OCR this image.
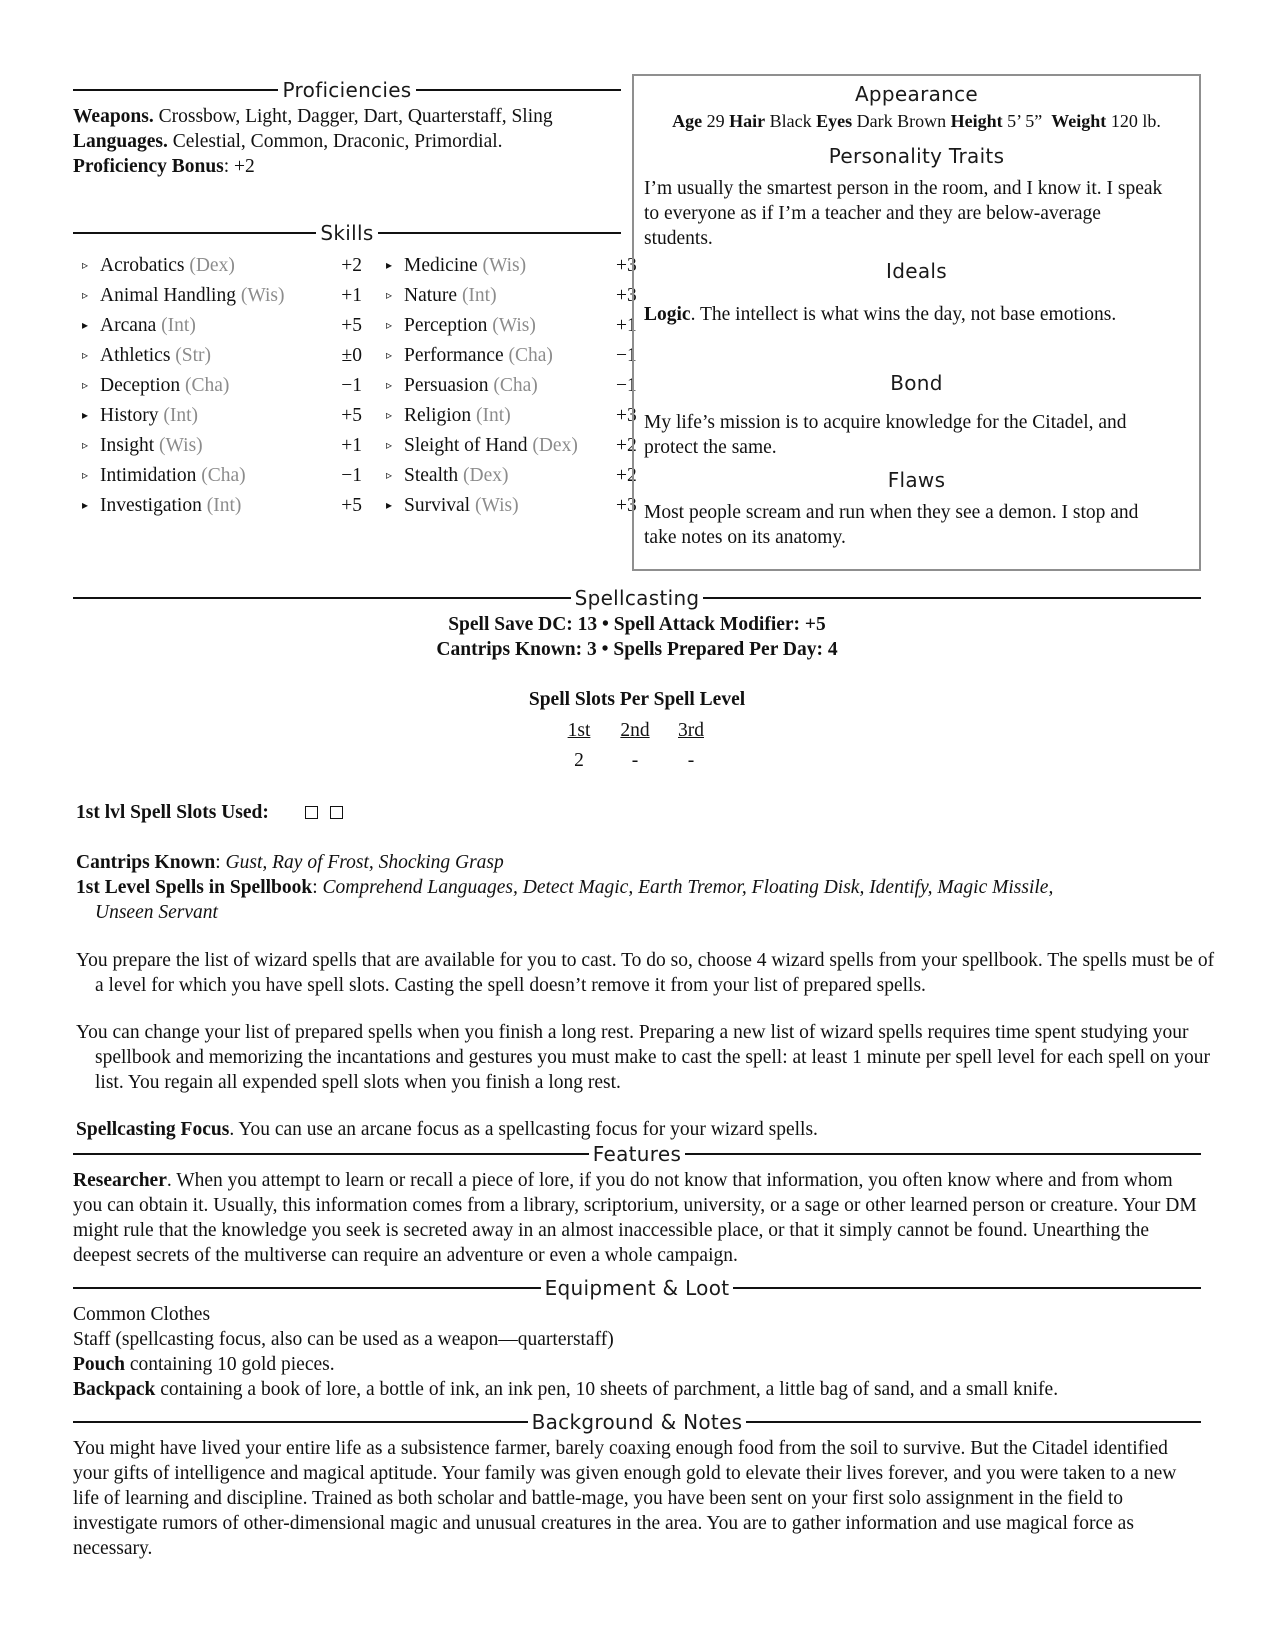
Proficiencies
Weapons. Crossbow, Light, Dagger, Dart, Quarterstaff, Sling
Languages. Celestial, Common, Draconic, Primordial.
Proficiency Bonus: +2
Skills
▹ Acrobatics (Dex)	+2 ▸ Medicine (Wis)	+3
▹ Animal Handling (Wis)	+1 ▹ Nature (Int)	+3
▸ Arcana (Int)	+5 ▹ Perception (Wis)	+1
▹ Athletics (Str)	±0 ▹ Performance (Cha)	−1
▹ Deception (Cha)	−1 ▹ Persuasion (Cha)	−1
▸ History (Int)	+5 ▹ Religion (Int)	+3
▹ Insight (Wis)	+1 ▹ Sleight of Hand (Dex)	+2
▹ Intimidation (Cha)	−1 ▹ Stealth (Dex)	+2
▸ Investigation (Int)	+5 ▸ Survival (Wis)	+3
Appearance
Age 29 Hair Black Eyes Dark Brown Height 5’ 5” Weight 120 lb.
Personality Traits

I’m usually the smartest person in the room, and I know it. I speak to everyone as if I’m a teacher and they are below-average students.

Ideals

Logic. The intellect is what wins the day, not base emotions.

Bond

My life’s mission is to acquire knowledge for the Citadel, and protect the same.

Flaws

Most people scream and run when they see a demon. I stop and take notes on its anatomy.

Spellcasting
Spell Save DC: 13 • Spell Attack Modifier: +5
Cantrips Known: 3 • Spells Prepared Per Day: 4
Spell Slots Per Spell Level
1st	2nd	3rd
2	-	-
1st lvl Spell Slots Used:
Cantrips Known: Gust, Ray of Frost, Shocking Grasp
1st Level Spells in Spellbook: Comprehend Languages, Detect Magic, Earth Tremor, Floating Disk, Identify, Magic Missile, Unseen Servant

You prepare the list of wizard spells that are available for you to cast. To do so, choose 4 wizard spells from your spellbook. The spells must be of a level for which you have spell slots. Casting the spell doesn’t remove it from your list of prepared spells.

You can change your list of prepared spells when you finish a long rest. Preparing a new list of wizard spells requires time spent studying your spellbook and memorizing the incantations and gestures you must make to cast the spell: at least 1 minute per spell level for each spell on your list. You regain all expended spell slots when you finish a long rest.

Spellcasting Focus. You can use an arcane focus as a spellcasting focus for your wizard spells.

Features

Researcher. When you attempt to learn or recall a piece of lore, if you do not know that information, you often know where and from whom you can obtain it. Usually, this information comes from a library, scriptorium, university, or a sage or other learned person or creature. Your DM might rule that the knowledge you seek is secreted away in an almost inaccessible place, or that it simply cannot be found. Unearthing the deepest secrets of the multiverse can require an adventure or even a whole campaign.

Equipment & Loot
Common Clothes
Staff (spellcasting focus, also can be used as a weapon—quarterstaff)
Pouch containing 10 gold pieces.
Backpack containing a book of lore, a bottle of ink, an ink pen, 10 sheets of parchment, a little bag of sand, and a small knife.
Background & Notes

You might have lived your entire life as a subsistence farmer, barely coaxing enough food from the soil to survive. But the Citadel identified your gifts of intelligence and magical aptitude. Your family was given enough gold to elevate their lives forever, and you were taken to a new life of learning and discipline. Trained as both scholar and battle-mage, you have been sent on your first solo assignment in the field to investigate rumors of other-dimensional magic and unusual creatures in the area. You are to gather information and use magical force as necessary.
